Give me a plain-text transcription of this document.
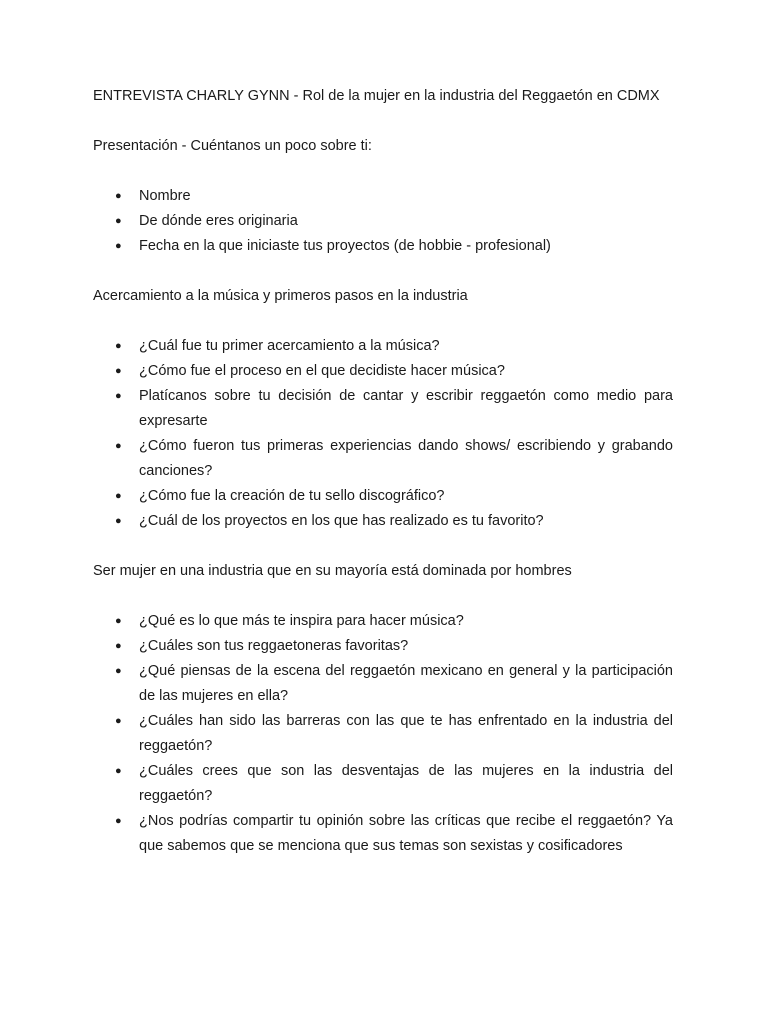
ENTREVISTA CHARLY GYNN - Rol de la mujer en la industria del Reggaetón en CDMX

Presentación - Cuéntanos un poco sobre ti:

● Nombre
● De dónde eres originaria
● Fecha en la que iniciaste tus proyectos (de hobbie - profesional)

Acercamiento a la música y primeros pasos en la industria

● ¿Cuál fue tu primer acercamiento a la música?
● ¿Cómo fue el proceso en el que decidiste hacer música?
● Platícanos sobre tu decisión de cantar y escribir reggaetón como medio para expresarte
● ¿Cómo fueron tus primeras experiencias dando shows/ escribiendo y grabando canciones?
● ¿Cómo fue la creación de tu sello discográfico?
● ¿Cuál de los proyectos en los que has realizado es tu favorito?

Ser mujer en una industria que en su mayoría está dominada por hombres

● ¿Qué es lo que más te inspira para hacer música?
● ¿Cuáles son tus reggaetoneras favoritas?
● ¿Qué piensas de la escena del reggaetón mexicano en general y la participación de las mujeres en ella?
● ¿Cuáles han sido las barreras con las que te has enfrentado en la industria del reggaetón?
● ¿Cuáles crees que son las desventajas de las mujeres en la industria del reggaetón?
● ¿Nos podrías compartir tu opinión sobre las críticas que recibe el reggaetón? Ya que sabemos que se menciona que sus temas son sexistas y cosificadores
